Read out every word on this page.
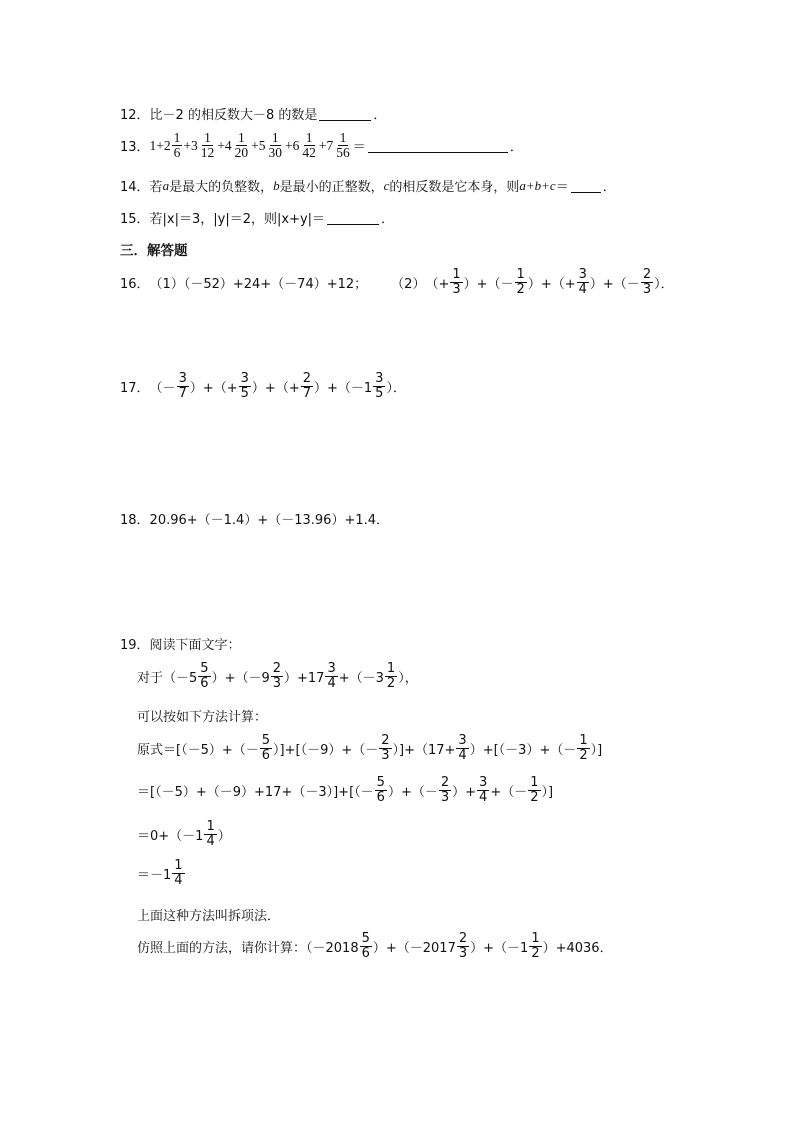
12． 比－2 的相反数大－8 的数是	．
13． $1+2 \frac{1}{6} +3 \frac{1}{12} +4 \frac{1}{20} +5 \frac{1}{30} +6 \frac{1}{42} +7 \frac{1}{56}$ ＝	．
14． 若 a 是最大的负整数， b 是最小的正整数， c 的相反数是它本身，则 a+b+c ＝	．
15． 若|x|＝3，|y|＝2，则|x+y|＝	．
三．解答题
16． （1）（－52）+24+（－74）+12； （2） （+ $\frac{1}{3}$ ）+（－ $\frac{1}{2}$ ）+（+ $\frac{3}{4}$ ）+（－ $\frac{2}{3}$ ）．
17． （－ $\frac{3}{7}$ ）+（+ $\frac{3}{5}$ ）+（+ $\frac{2}{7} )+(-1 \frac{3}{5}$ ）．
18． 20.96+（－1.4）+（－13.96）+1.4．
19． 阅读下面文字：
对于$(-5 \frac{5}{6} )+(-9 \frac{2}{3} )+17 \frac{3}{4} +(-3 \frac{1}{2}$ ），
可以按如下方法计算：
原式$=[(-5)+(- \frac{5}{6} )]+[(-9)+(- \frac{2}{3} )]+(17+ \frac{3}{4} )+[(-3)+(- \frac{1}{2}$ ）]
$=[(-5)+(-9)+17+(-3)]+[(- \frac{5}{6}$ ）+（－ $\frac{2}{3}$ ）+ $\frac{3}{4}$ +（－ $\frac{1}{2}$ ）]
$=0+(-1 \frac{1}{4}$ ）
$=-1 \frac{1}{4}$
上面这种方法叫拆项法．
仿照上面的方法，请你计算：$(-2018 \frac{5}{6} )+(-2017 \frac{2}{3} )+(-1 \frac{1}{2} )+4036$．
